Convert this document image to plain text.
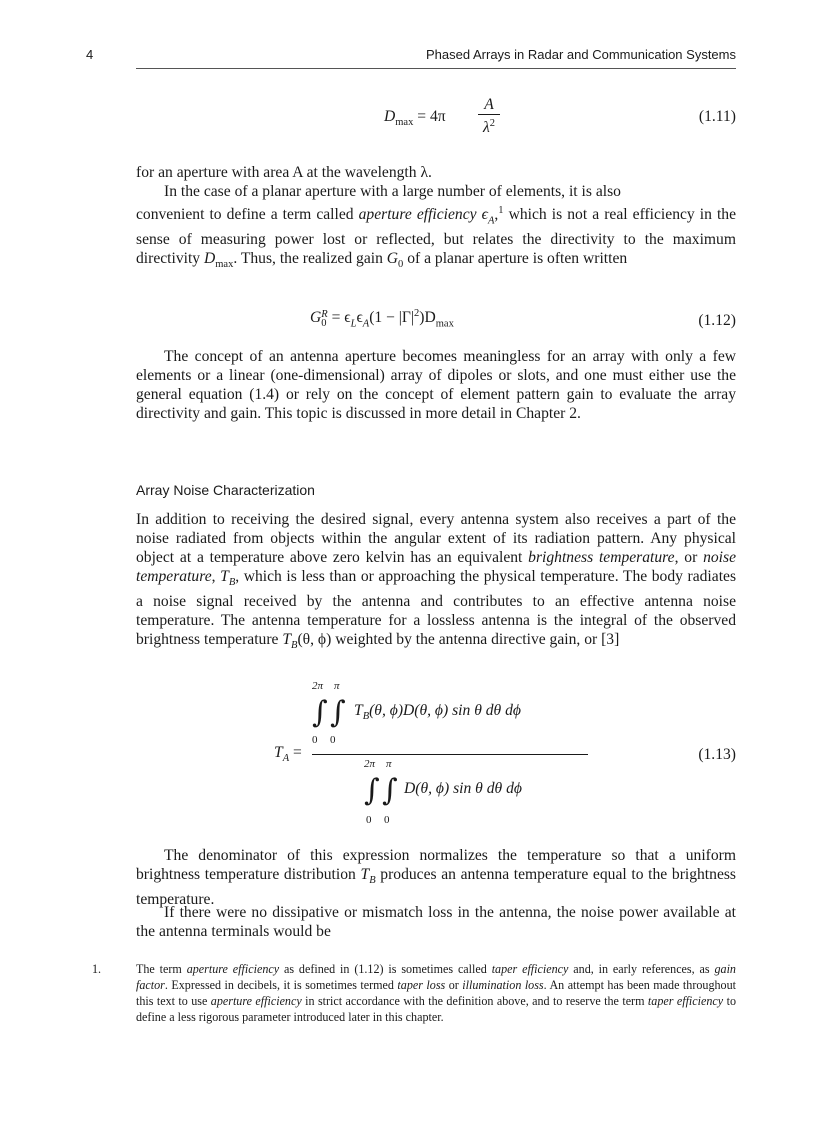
4	Phased Arrays in Radar and Communication Systems
$D_{max} = 4\pi$
A
$\lambda^2$	(1.11)
for an aperture with area A at the wavelength λ.
In the case of a planar aperture with a large number of elements, it is also
convenient to define a term called aperture efficiency $\epsilon_A,^1$ which is not a real efficiency in the sense of measuring power lost or reflected, but relates the directivity to the maximum directivity $D_{max}$. Thus, the realized gain $G_0$ of a planar aperture is often written
G R
$0 = \epsilon_L\epsilon_A(1 - |\Gamma|^2)D_{max}$	(1.12)
The concept of an antenna aperture becomes meaningless for an array with only a few elements or a linear (one-dimensional) array of dipoles or slots, and one must either use the general equation (1.4) or rely on the concept of element pattern gain to evaluate the array directivity and gain. This topic is discussed in more detail in Chapter 2.
Array Noise Characterization
In addition to receiving the desired signal, every antenna system also receives a part of the noise radiated from objects within the angular extent of its radiation pattern. Any physical object at a temperature above zero kelvin has an equivalent brightness temperature, or noise temperature, $T_B$, which is less than or approaching the physical temperature. The body radiates a noise signal received by the antenna and contributes to an effective antenna noise temperature. The antenna temperature for a lossless antenna is the integral of the observed brightness temperature $T_B(\theta$, ϕ) weighted by the antenna directive gain, or [3]
$T_A$ =
2π π
∫ ∫
0 0
$T_B(\theta$, ϕ)D(θ, ϕ) sin θ dθ dϕ
2π π
∫ ∫
0 0
D(θ, ϕ) sin θ dθ dϕ
(1.13)
The denominator of this expression normalizes the temperature so that a uniform brightness temperature distribution $T_B$ produces an antenna temperature equal to the brightness temperature.
If there were no dissipative or mismatch loss in the antenna, the noise power available at the antenna terminals would be
1.	The term aperture efficiency as defined in (1.12) is sometimes called taper efficiency and, in early references, as gain factor. Expressed in decibels, it is sometimes termed taper loss or illumination loss. An attempt has been made throughout this text to use aperture efficiency in strict accordance with the definition above, and to reserve the term taper efficiency to define a less rigorous parameter introduced later in this chapter.
